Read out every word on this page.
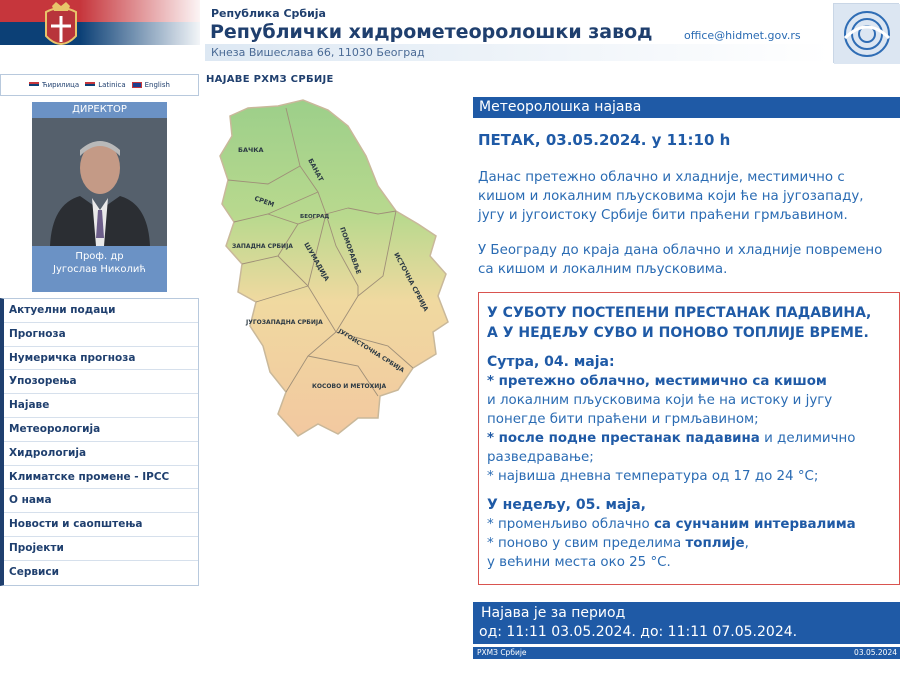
Република Србија
Републички хидрометеоролошки завод
Кнеза Вишеслава 66, 11030 Београд
office@hidmet.gov.rs
Ћирилица	Latinica	English
ДИРЕКТОР
Проф. др
Југослав Николић
Биографија
Актуелни подаци
Прогноза
Нумеричка прогноза
Упозорења
Најаве
Метеорологија
Хидрологија
Климатске промене - IPCC
О нама
Новости и саопштења
Пројекти
Сервиси
НАЈАВЕ РХМЗ СРБИЈЕ
БАЧКА
БАНАТ
СРЕМ
БЕОГРАД
ЗАПАДНА СРБИЈА ШУМАДИЈА ПОМОРАВЉЕ
ИСТОЧНА СРБИЈА
ЈУГОЗАПАДНА СРБИЈА
ЈУГОИСТОЧНА СРБИЈА
КОСОВО И МЕТОХИЈА
Метеоролошка најава
ПЕТАК, 03.05.2024. у 11:10 h
Данас претежно облачно и хладније, местимично с кишом и локалним пљусковима који ће на југозападу, југу и југоистоку Србије бити праћени грмљавином.
У Београду до краја дана облачно и хладније повремено са кишом и локалним пљусковима.
У СУБОТУ ПОСТЕПЕНИ ПРЕСТАНАК ПАДАВИНА,
А У НЕДЕЉУ СУВО И ПОНОВО ТОПЛИЈЕ ВРЕМЕ.
Сутра, 04. маја:
* претежно облачно, местимично са кишом
и локалним пљусковима који ће на истоку и југу
понегде бити праћени и грмљавином;
* после подне престанак падавина и делимично
разведравање;
* највиша дневна температура од 17 до 24 °C;
У недељу, 05. маја,
* променљиво облачно са сунчаним интервалима
* поново у свим пределима топлије,
у већини места око 25 °C.
Најава је за период
од: 11:11 03.05.2024. до: 11:11 07.05.2024.
РХМЗ Србије	03.05.2024
